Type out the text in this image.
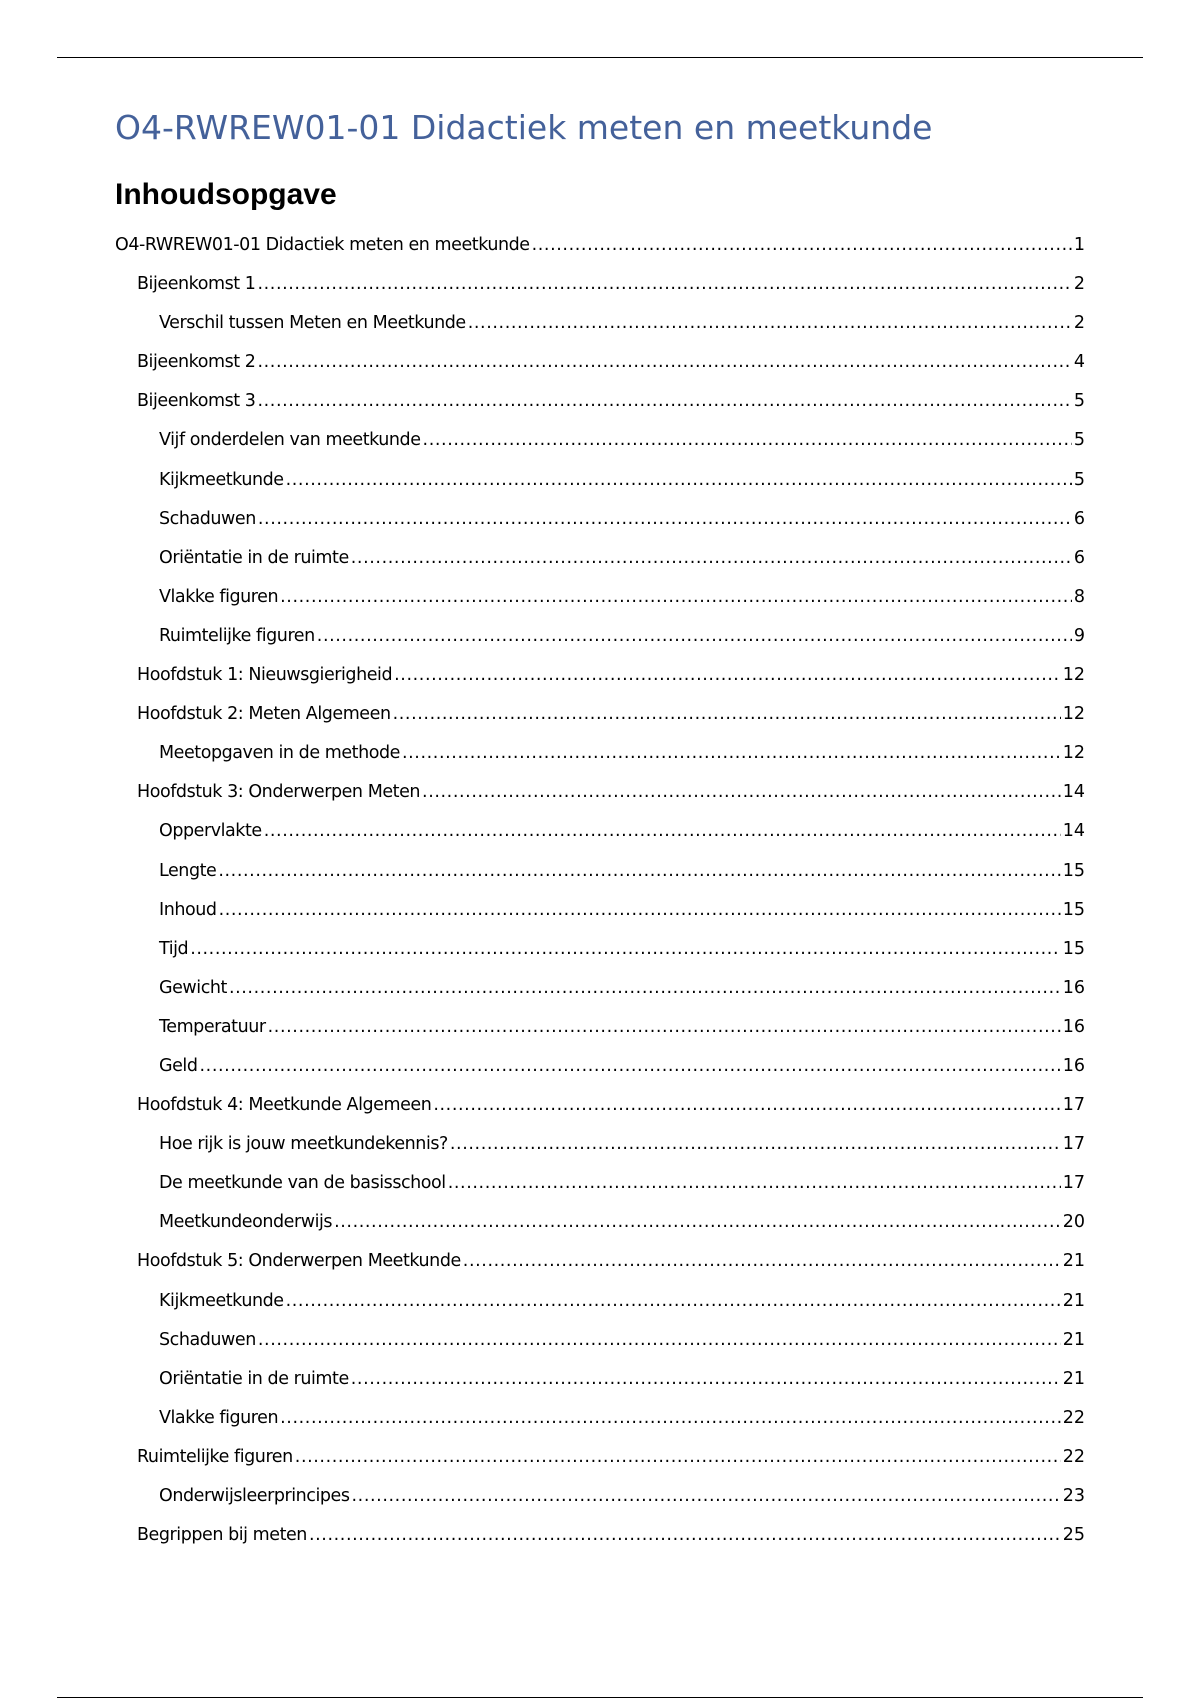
O4-RWREW01-01 Didactiek meten en meetkunde
Inhoudsopgave
O4-RWREW01-01 Didactiek meten en meetkunde .....	1
Bijeenkomst 1 .....	2
Verschil tussen Meten en Meetkunde .....	2
Bijeenkomst 2 .....	4
Bijeenkomst 3 .....	5
Vijf onderdelen van meetkunde .....	5
Kijkmeetkunde .....	5
Schaduwen .....	6
Oriëntatie in de ruimte .....	6
Vlakke figuren .....	8
Ruimtelijke figuren .....	9
Hoofdstuk 1: Nieuwsgierigheid .....	12
Hoofdstuk 2: Meten Algemeen .....	12
Meetopgaven in de methode .....	12
Hoofdstuk 3: Onderwerpen Meten .....	14
Oppervlakte .....	14
Lengte .....	15
Inhoud .....	15
Tijd .....	15
Gewicht .....	16
Temperatuur .....	16
Geld .....	16
Hoofdstuk 4: Meetkunde Algemeen .....	17
Hoe rijk is jouw meetkundekennis? .....	17
De meetkunde van de basisschool .....	17
Meetkundeonderwijs .....	20
Hoofdstuk 5: Onderwerpen Meetkunde .....	21
Kijkmeetkunde .....	21
Schaduwen .....	21
Oriëntatie in de ruimte .....	21
Vlakke figuren .....	22
Ruimtelijke figuren .....	22
Onderwijsleerprincipes .....	23
Begrippen bij meten .....	25
